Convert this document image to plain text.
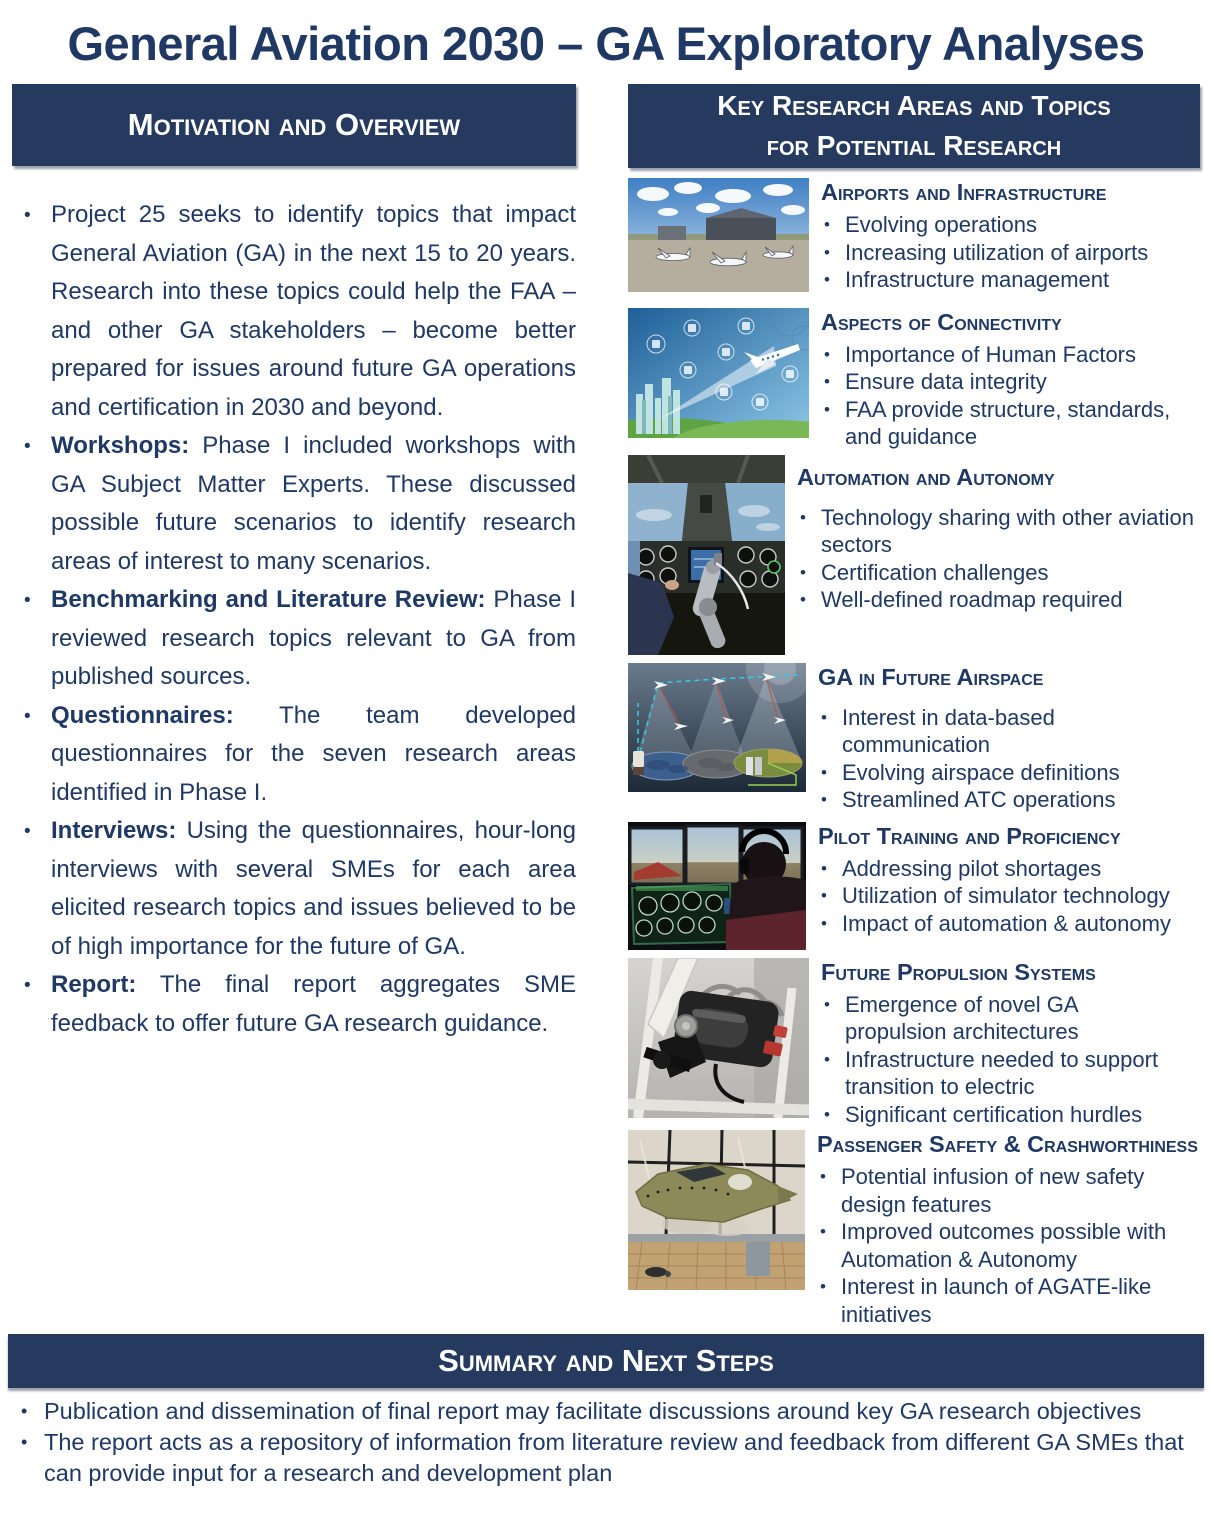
General Aviation 2030 – GA Exploratory Analyses
Motivation and Overview
• Project 25 seeks to identify topics that impact General Aviation (GA) in the next 15 to 20 years. Research into these topics could help the FAA – and other GA stakeholders – become better prepared for issues around future GA operations and certification in 2030 and beyond.
• Workshops: Phase I included workshops with GA Subject Matter Experts. These discussed possible future scenarios to identify research areas of interest to many scenarios.
• Benchmarking and Literature Review: Phase I reviewed research topics relevant to GA from published sources.
• Questionnaires: The team developed questionnaires for the seven research areas identified in Phase I.
• Interviews: Using the questionnaires, hour-long interviews with several SMEs for each area elicited research topics and issues believed to be of high importance for the future of GA.
• Report: The final report aggregates SME feedback to offer future GA research guidance.
Key Research Areas and Topics
for Potential Research
Airports and Infrastructure
• Evolving operations
• Increasing utilization of airports
• Infrastructure management
Aspects of Connectivity
• Importance of Human Factors
• Ensure data integrity
• FAA provide structure, standards, and guidance
Automation and Autonomy
• Technology sharing with other aviation sectors
• Certification challenges
• Well-defined roadmap required
GA in Future Airspace
• Interest in data-based communication
• Evolving airspace definitions
• Streamlined ATC operations
Pilot Training and Proficiency
• Addressing pilot shortages
• Utilization of simulator technology
• Impact of automation & autonomy
Future Propulsion Systems
• Emergence of novel GA propulsion architectures
• Infrastructure needed to support transition to electric
• Significant certification hurdles
Passenger Safety & Crashworthiness
• Potential infusion of new safety design features
• Improved outcomes possible with Automation & Autonomy
• Interest in launch of AGATE-like initiatives
Summary and Next Steps
• Publication and dissemination of final report may facilitate discussions around key GA research objectives
• The report acts as a repository of information from literature review and feedback from different GA SMEs that can provide input for a research and development plan
